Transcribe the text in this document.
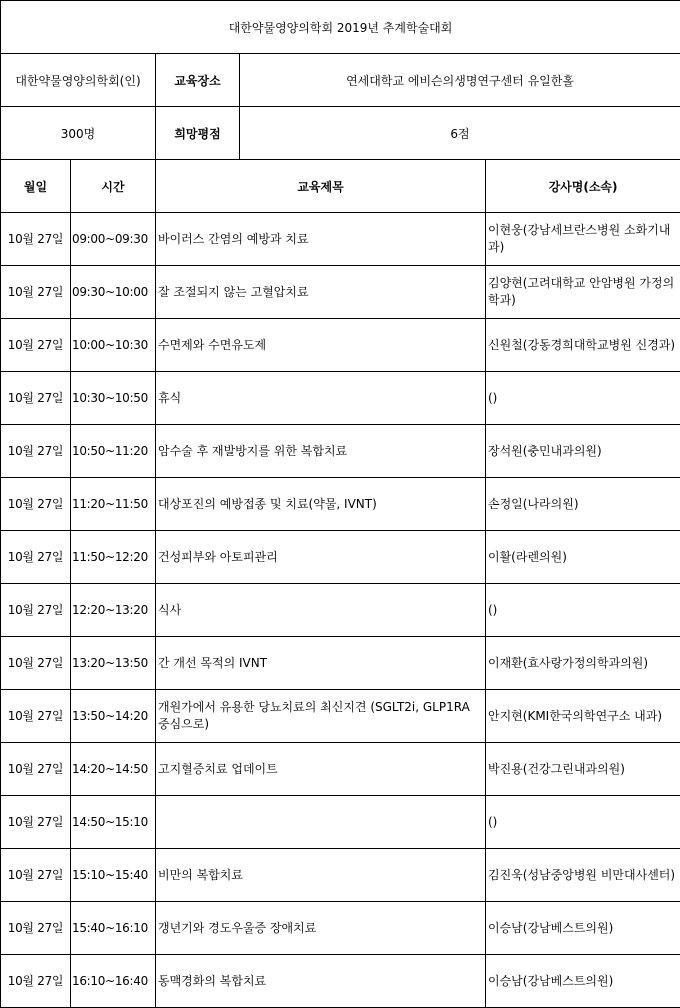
대한약물영양의학회 2019년 추계학술대회				
대한약물영양의학회(인)		교육장소	연세대학교 에비슨의생명연구센터 유일한홀	
300명		희망평점	6점	
월일	시간	교육제목		강사명(소속)
10월 27일	09:00~09:30	바이러스 간염의 예방과 치료		이현웅(강남세브란스병원 소화기내과)
10월 27일	09:30~10:00	잘 조절되지 않는 고혈압치료		김양현(고려대학교 안암병원 가정의학과)
10월 27일	10:00~10:30	수면제와 수면유도제		신원철(강동경희대학교병원 신경과)
10월 27일	10:30~10:50	휴식		()
10월 27일	10:50~11:20	암수술 후 재발방지를 위한 복합치료		장석원(충민내과의원)
10월 27일	11:20~11:50	대상포진의 예방접종 및 치료(약물, IVNT)		손정일(나라의원)
10월 27일	11:50~12:20	건성피부와 아토피관리		이활(라렌의원)
10월 27일	12:20~13:20	식사		()
10월 27일	13:20~13:50	간 개선 목적의 IVNT		이재환(효사랑가정의학과의원)
10월 27일	13:50~14:20	개원가에서 유용한 당뇨치료의 최신지견 (SGLT2i, GLP1RA 중심으로)		안지현(KMI한국의학연구소 내과)
10월 27일	14:20~14:50	고지혈증치료 업데이트		박진용(건강그린내과의원)
10월 27일	14:50~15:10			()
10월 27일	15:10~15:40	비만의 복합치료		김진욱(성남중앙병원 비만대사센터)
10월 27일	15:40~16:10	갱년기와 경도우울증 장애치료		이승남(강남베스트의원)
10월 27일	16:10~16:40	동맥경화의 복합치료		이승남(강남베스트의원)
